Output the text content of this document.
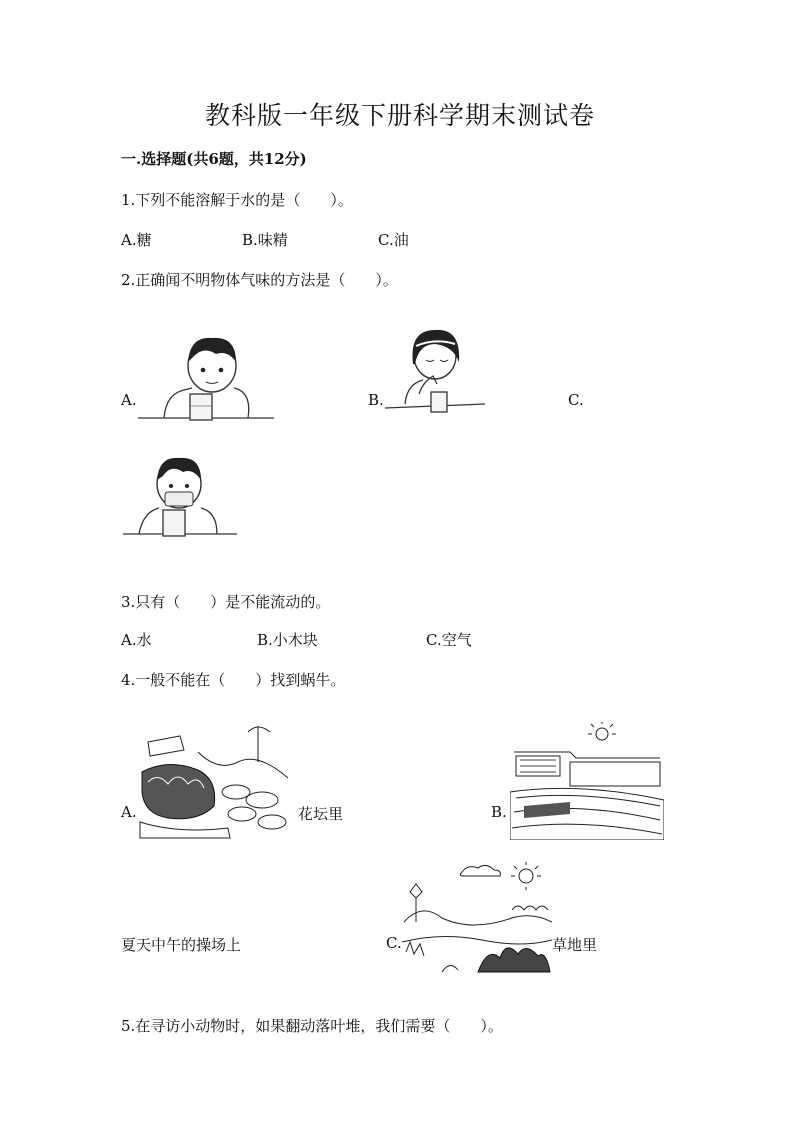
教科版一年级下册科学期末测试卷
一.选择题(共6题，共12分)
1.下列不能溶解于水的是（　　）。
A.糖	B.味精	C.油
2.正确闻不明物体气味的方法是（　　）。
A.	B.	C.
3.只有（　　）是不能流动的。
A.水	B.小木块	C.空气
4.一般不能在（　　）找到蜗牛。
A.	花坛里	B.
夏天中午的操场上	C.	草地里
5.在寻访小动物时，如果翻动落叶堆，我们需要（　　）。
